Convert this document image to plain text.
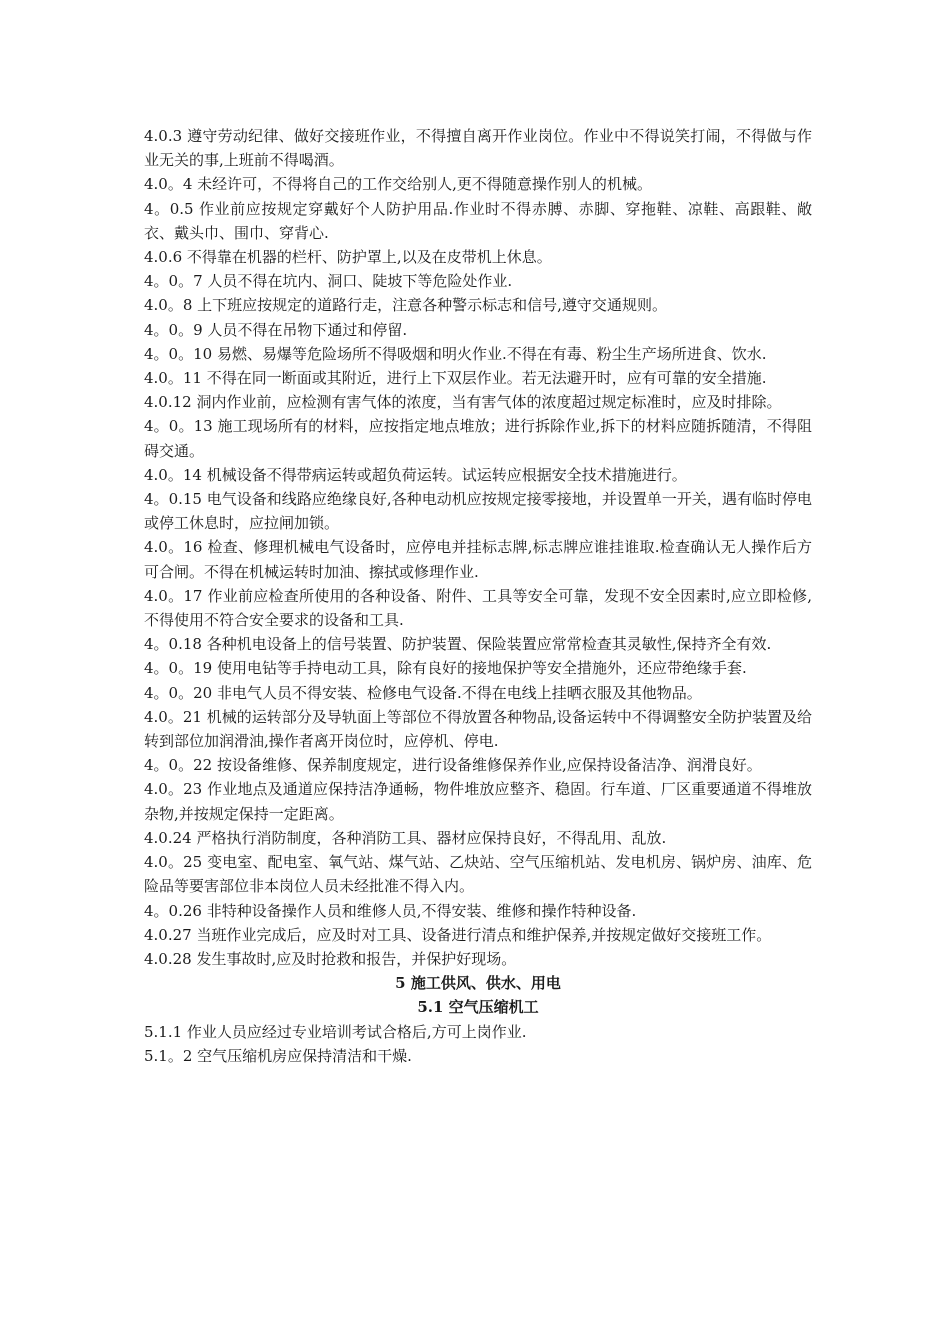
4.0.3 遵守劳动纪律、做好交接班作业，不得擅自离开作业岗位。作业中不得说笑打闹，不得做与作业无关的事,上班前不得喝酒。

4.0。4 未经许可，不得将自己的工作交给别人,更不得随意操作别人的机械。

4。0.5 作业前应按规定穿戴好个人防护用品.作业时不得赤膊、赤脚、穿拖鞋、凉鞋、高跟鞋、敞衣、戴头巾、围巾、穿背心.

4.0.6 不得靠在机器的栏杆、防护罩上,以及在皮带机上休息。

4。0。7 人员不得在坑内、洞口、陡坡下等危险处作业.

4.0。8 上下班应按规定的道路行走，注意各种警示标志和信号,遵守交通规则。

4。0。9 人员不得在吊物下通过和停留.

4。0。10 易燃、易爆等危险场所不得吸烟和明火作业.不得在有毒、粉尘生产场所进食、饮水.

4.0。11 不得在同一断面或其附近，进行上下双层作业。若无法避开时，应有可靠的安全措施.

4.0.12 洞内作业前，应检测有害气体的浓度，当有害气体的浓度超过规定标准时，应及时排除。

4。0。13 施工现场所有的材料，应按指定地点堆放；进行拆除作业,拆下的材料应随拆随清，不得阻碍交通。

4.0。14 机械设备不得带病运转或超负荷运转。试运转应根据安全技术措施进行。

4。0.15 电气设备和线路应绝缘良好,各种电动机应按规定接零接地，并设置单一开关，遇有临时停电或停工休息时，应拉闸加锁。

4.0。16 检查、修理机械电气设备时，应停电并挂标志牌,标志牌应谁挂谁取.检查确认无人操作后方可合闸。不得在机械运转时加油、擦拭或修理作业.

4.0。17 作业前应检查所使用的各种设备、附件、工具等安全可靠，发现不安全因素时,应立即检修,不得使用不符合安全要求的设备和工具.

4。0.18 各种机电设备上的信号装置、防护装置、保险装置应常常检查其灵敏性,保持齐全有效.

4。0。19 使用电钻等手持电动工具，除有良好的接地保护等安全措施外，还应带绝缘手套.

4。0。20 非电气人员不得安装、检修电气设备.不得在电线上挂晒衣服及其他物品。

4.0。21 机械的运转部分及导轨面上等部位不得放置各种物品,设备运转中不得调整安全防护装置及给转到部位加润滑油,操作者离开岗位时，应停机、停电.

4。0。22 按设备维修、保养制度规定，进行设备维修保养作业,应保持设备洁净、润滑良好。

4.0。23 作业地点及通道应保持洁净通畅，物件堆放应整齐、稳固。行车道、厂区重要通道不得堆放杂物,并按规定保持一定距离。

4.0.24 严格执行消防制度，各种消防工具、器材应保持良好，不得乱用、乱放.

4.0。25 变电室、配电室、氧气站、煤气站、乙炔站、空气压缩机站、发电机房、锅炉房、油库、危险品等要害部位非本岗位人员未经批准不得入内。

4。0.26 非特种设备操作人员和维修人员,不得安装、维修和操作特种设备.

4.0.27 当班作业完成后，应及时对工具、设备进行清点和维护保养,并按规定做好交接班工作。

4.0.28 发生事故时,应及时抢救和报告，并保护好现场。

5 施工供风、供水、用电

5.1 空气压缩机工

5.1.1 作业人员应经过专业培训考试合格后,方可上岗作业.

5.1。2 空气压缩机房应保持清洁和干燥.
